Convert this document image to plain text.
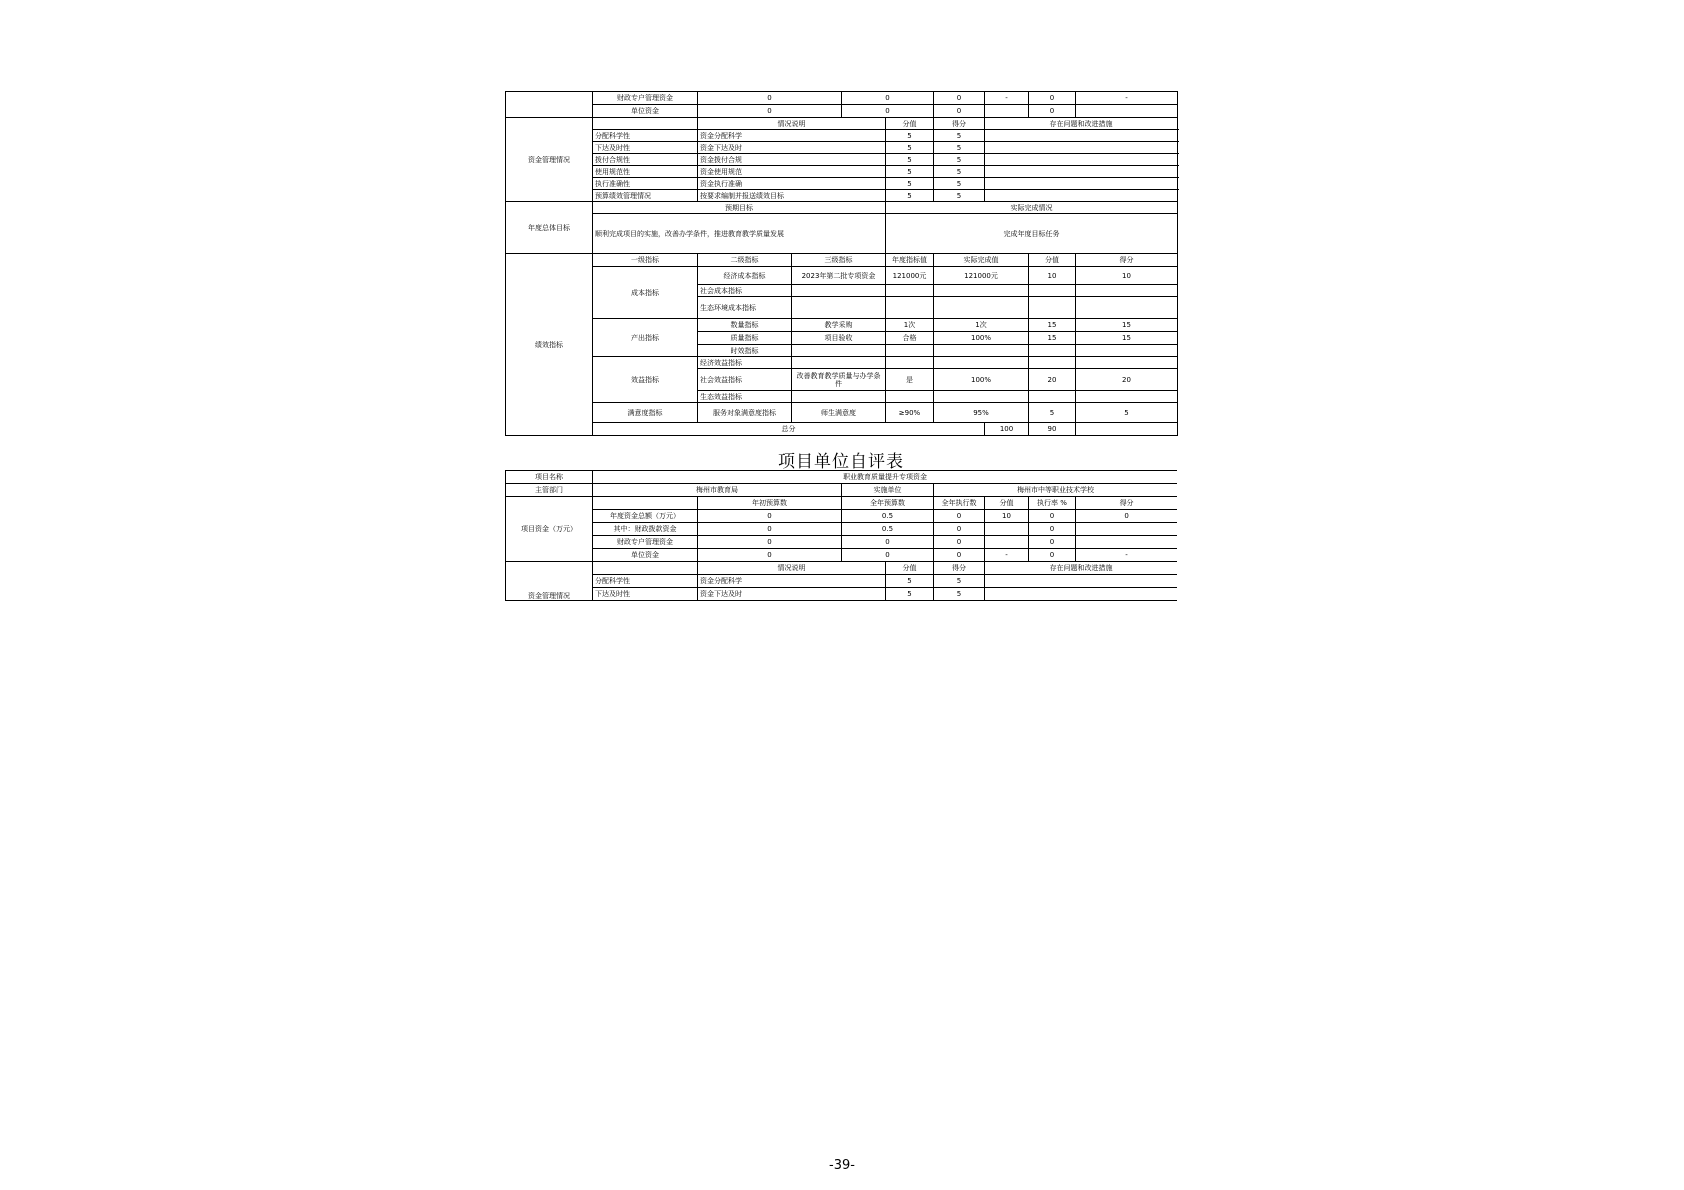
	财政专户管理资金	0		0		0	-	0	-	
	单位资金	0		0		0		0		
资金管理情况		情况说明			分值	得分	存在问题和改进措施			
	分配科学性	资金分配科学			5	5				
	下达及时性	资金下达及时			5	5				
	拨付合规性	资金拨付合规			5	5				
	使用规范性	资金使用规范			5	5				
	执行准确性	资金执行准确			5	5				
	预算绩效管理情况	按要求编制并报送绩效目标			5	5				
年度总体目标	预期目标				实际完成情况					
	顺利完成项目的实施，改善办学条件，推进教育教学质量发展				完成年度目标任务					
绩效指标	一级指标	二级指标	三级指标		年度指标值	实际完成值		分值	得分	
	成本指标	经济成本指标	2023年第二批专项资金		121000元	121000元		10	10	
		社会成本指标								
		生态环境成本指标								
	产出指标	数量指标	教学采购		1次	1次		15	15	
		质量指标	项目验收		合格	100%		15	15	
		时效指标								
	效益指标	经济效益指标								
		社会效益指标	改善教育教学质量与办学条件		是	100%		20	20	
		生态效益指标								
	满意度指标	服务对象满意度指标	师生满意度		≥90%	95%		5	5	
	总分						100	90		
项目单位自评表
项目名称	职业教育质量提升专项资金							
主管部门	梅州市教育局		实施单位		梅州市中等职业技术学校			
项目资金（万元）		年初预算数	全年预算数		全年执行数	分值	执行率 %	得分
	年度资金总额（万元）	0	0.5		0	10	0	0
	其中：财政拨款资金	0	0.5		0		0	
	财政专户管理资金	0	0		0		0	
	单位资金	0	0		0	-	0	-
资金管理情况		情况说明		分值	得分	存在问题和改进措施		
	分配科学性	资金分配科学		5	5			
	下达及时性	资金下达及时		5	5			
-39-
